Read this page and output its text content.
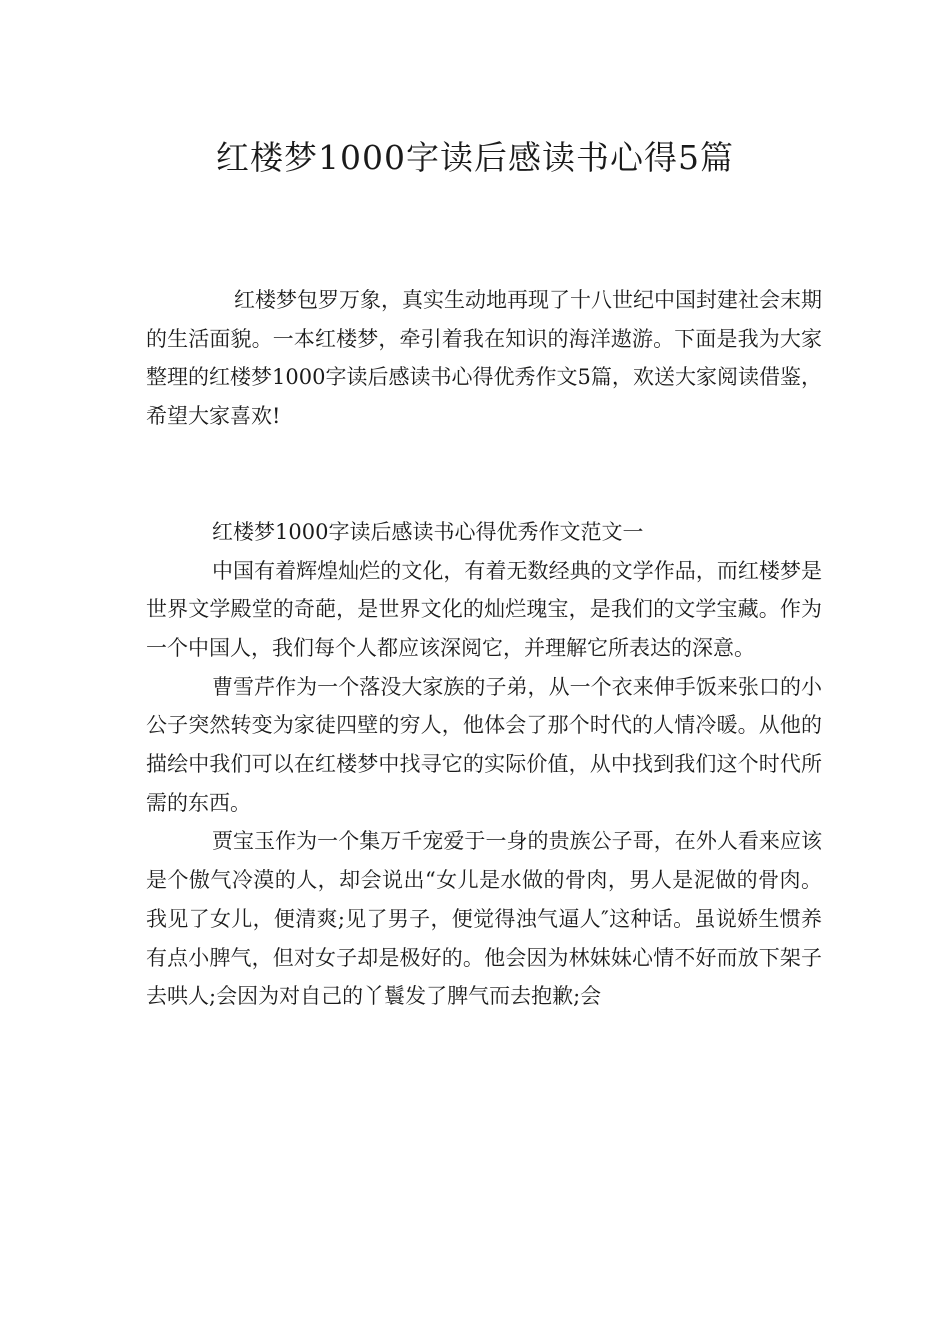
红楼梦1000字读后感读书心得5篇

红楼梦包罗万象，真实生动地再现了十八世纪中国封建社会末期的生活面貌。一本红楼梦，牵引着我在知识的海洋遨游。下面是我为大家整理的红楼梦1000字读后感读书心得优秀作文5篇，欢送大家阅读借鉴，希望大家喜欢!

红楼梦1000字读后感读书心得优秀作文范文一

中国有着辉煌灿烂的文化，有着无数经典的文学作品，而红楼梦是世界文学殿堂的奇葩，是世界文化的灿烂瑰宝，是我们的文学宝藏。作为一个中国人，我们每个人都应该深阅它，并理解它所表达的深意。

曹雪芹作为一个落没大家族的子弟，从一个衣来伸手饭来张口的小公子突然转变为家徒四壁的穷人，他体会了那个时代的人情冷暖。从他的描绘中我们可以在红楼梦中找寻它的实际价值，从中找到我们这个时代所需的东西。

贾宝玉作为一个集万千宠爱于一身的贵族公子哥，在外人看来应该是个傲气冷漠的人，却会说出“女儿是水做的骨肉，男人是泥做的骨肉。我见了女儿，便清爽;见了男子，便觉得浊气逼人″这种话。虽说娇生惯养有点小脾气，但对女子却是极好的。他会因为林妹妹心情不好而放下架子去哄人;会因为对自己的丫鬟发了脾气而去抱歉;会
